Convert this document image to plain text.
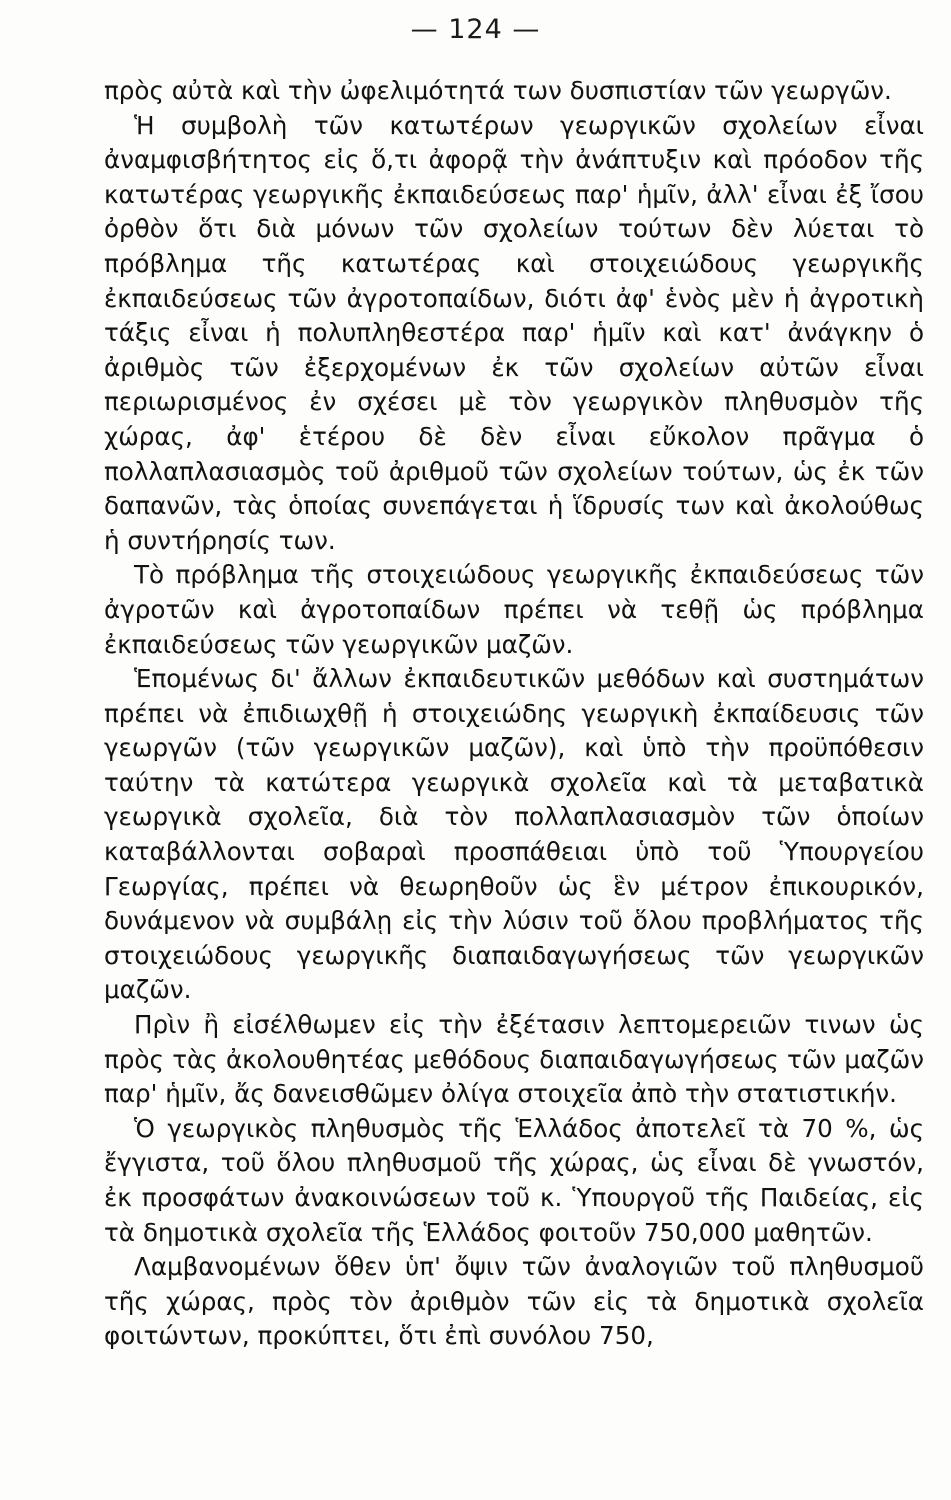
— 124 —

πρὸς αὐτὰ καὶ τὴν ὠφελιμότητά των δυσπιστίαν τῶν γεωργῶν.

Ἡ συμβολὴ τῶν κατωτέρων γεωργικῶν σχολείων εἶναι ἀναμφισβήτητος εἰς ὅ,τι ἀφορᾷ τὴν ἀνάπτυξιν καὶ πρόοδον τῆς κατωτέρας γεωργικῆς ἐκπαιδεύσεως παρ' ἡμῖν, ἀλλ' εἶναι ἐξ ἴσου ὀρθὸν ὅτι διὰ μόνων τῶν σχολείων τούτων δὲν λύεται τὸ πρόβλημα τῆς κατωτέρας καὶ στοιχειώδους γεωργικῆς ἐκπαιδεύσεως τῶν ἀγροτοπαίδων, διότι ἀφ' ἑνὸς μὲν ἡ ἀγροτικὴ τάξις εἶναι ἡ πολυπληθεστέρα παρ' ἡμῖν καὶ κατ' ἀνάγκην ὁ ἀριθμὸς τῶν ἐξερχομένων ἐκ τῶν σχολείων αὐτῶν εἶναι περιωρισμένος ἐν σχέσει μὲ τὸν γεωργικὸν πληθυσμὸν τῆς χώρας, ἀφ' ἑτέρου δὲ δὲν εἶναι εὔκολον πρᾶγμα ὁ πολλαπλασιασμὸς τοῦ ἀριθμοῦ τῶν σχολείων τούτων, ὡς ἐκ τῶν δαπανῶν, τὰς ὁποίας συνεπάγεται ἡ ἵδρυσίς των καὶ ἀκολούθως ἡ συντήρησίς των.

Τὸ πρόβλημα τῆς στοιχειώδους γεωργικῆς ἐκπαιδεύσεως τῶν ἀγροτῶν καὶ ἀγροτοπαίδων πρέπει νὰ τεθῇ ὡς πρόβλημα ἐκπαιδεύσεως τῶν γεωργικῶν μαζῶν.

Ἑπομένως δι' ἄλλων ἐκπαιδευτικῶν μεθόδων καὶ συστημάτων πρέπει νὰ ἐπιδιωχθῇ ἡ στοιχειώδης γεωργικὴ ἐκπαίδευσις τῶν γεωργῶν (τῶν γεωργικῶν μαζῶν), καὶ ὑπὸ τὴν προϋπόθεσιν ταύτην τὰ κατώτερα γεωργικὰ σχολεῖα καὶ τὰ μεταβατικὰ γεωργικὰ σχολεῖα, διὰ τὸν πολλαπλασιασμὸν τῶν ὁποίων καταβάλλονται σοβαραὶ προσπάθειαι ὑπὸ τοῦ Ὑπουργείου Γεωργίας, πρέπει νὰ θεωρηθοῦν ὡς ἓν μέτρον ἐπικουρικόν, δυνάμενον νὰ συμβάλῃ εἰς τὴν λύσιν τοῦ ὅλου προβλήματος τῆς στοιχειώδους γεωργικῆς διαπαιδαγωγήσεως τῶν γεωργικῶν μαζῶν.

Πρὶν ἢ εἰσέλθωμεν εἰς τὴν ἐξέτασιν λεπτομερειῶν τινων ὡς πρὸς τὰς ἀκολουθητέας μεθόδους διαπαιδαγωγήσεως τῶν μαζῶν παρ' ἡμῖν, ἄς δανεισθῶμεν ὀλίγα στοιχεῖα ἀπὸ τὴν στατιστικήν.

Ὁ γεωργικὸς πληθυσμὸς τῆς Ἑλλάδος ἀποτελεῖ τὰ 70 %, ὡς ἔγγιστα, τοῦ ὅλου πληθυσμοῦ τῆς χώρας, ὡς εἶναι δὲ γνωστόν, ἐκ προσφάτων ἀνακοινώσεων τοῦ κ. Ὑπουργοῦ τῆς Παιδείας, εἰς τὰ δημοτικὰ σχολεῖα τῆς Ἑλλάδος φοιτοῦν 750,000 μαθητῶν.

Λαμβανομένων ὅθεν ὑπ' ὄψιν τῶν ἀναλογιῶν τοῦ πληθυσμοῦ τῆς χώρας, πρὸς τὸν ἀριθμὸν τῶν εἰς τὰ δημοτικὰ σχολεῖα φοιτώντων, προκύπτει, ὅτι ἐπὶ συνόλου 750,
